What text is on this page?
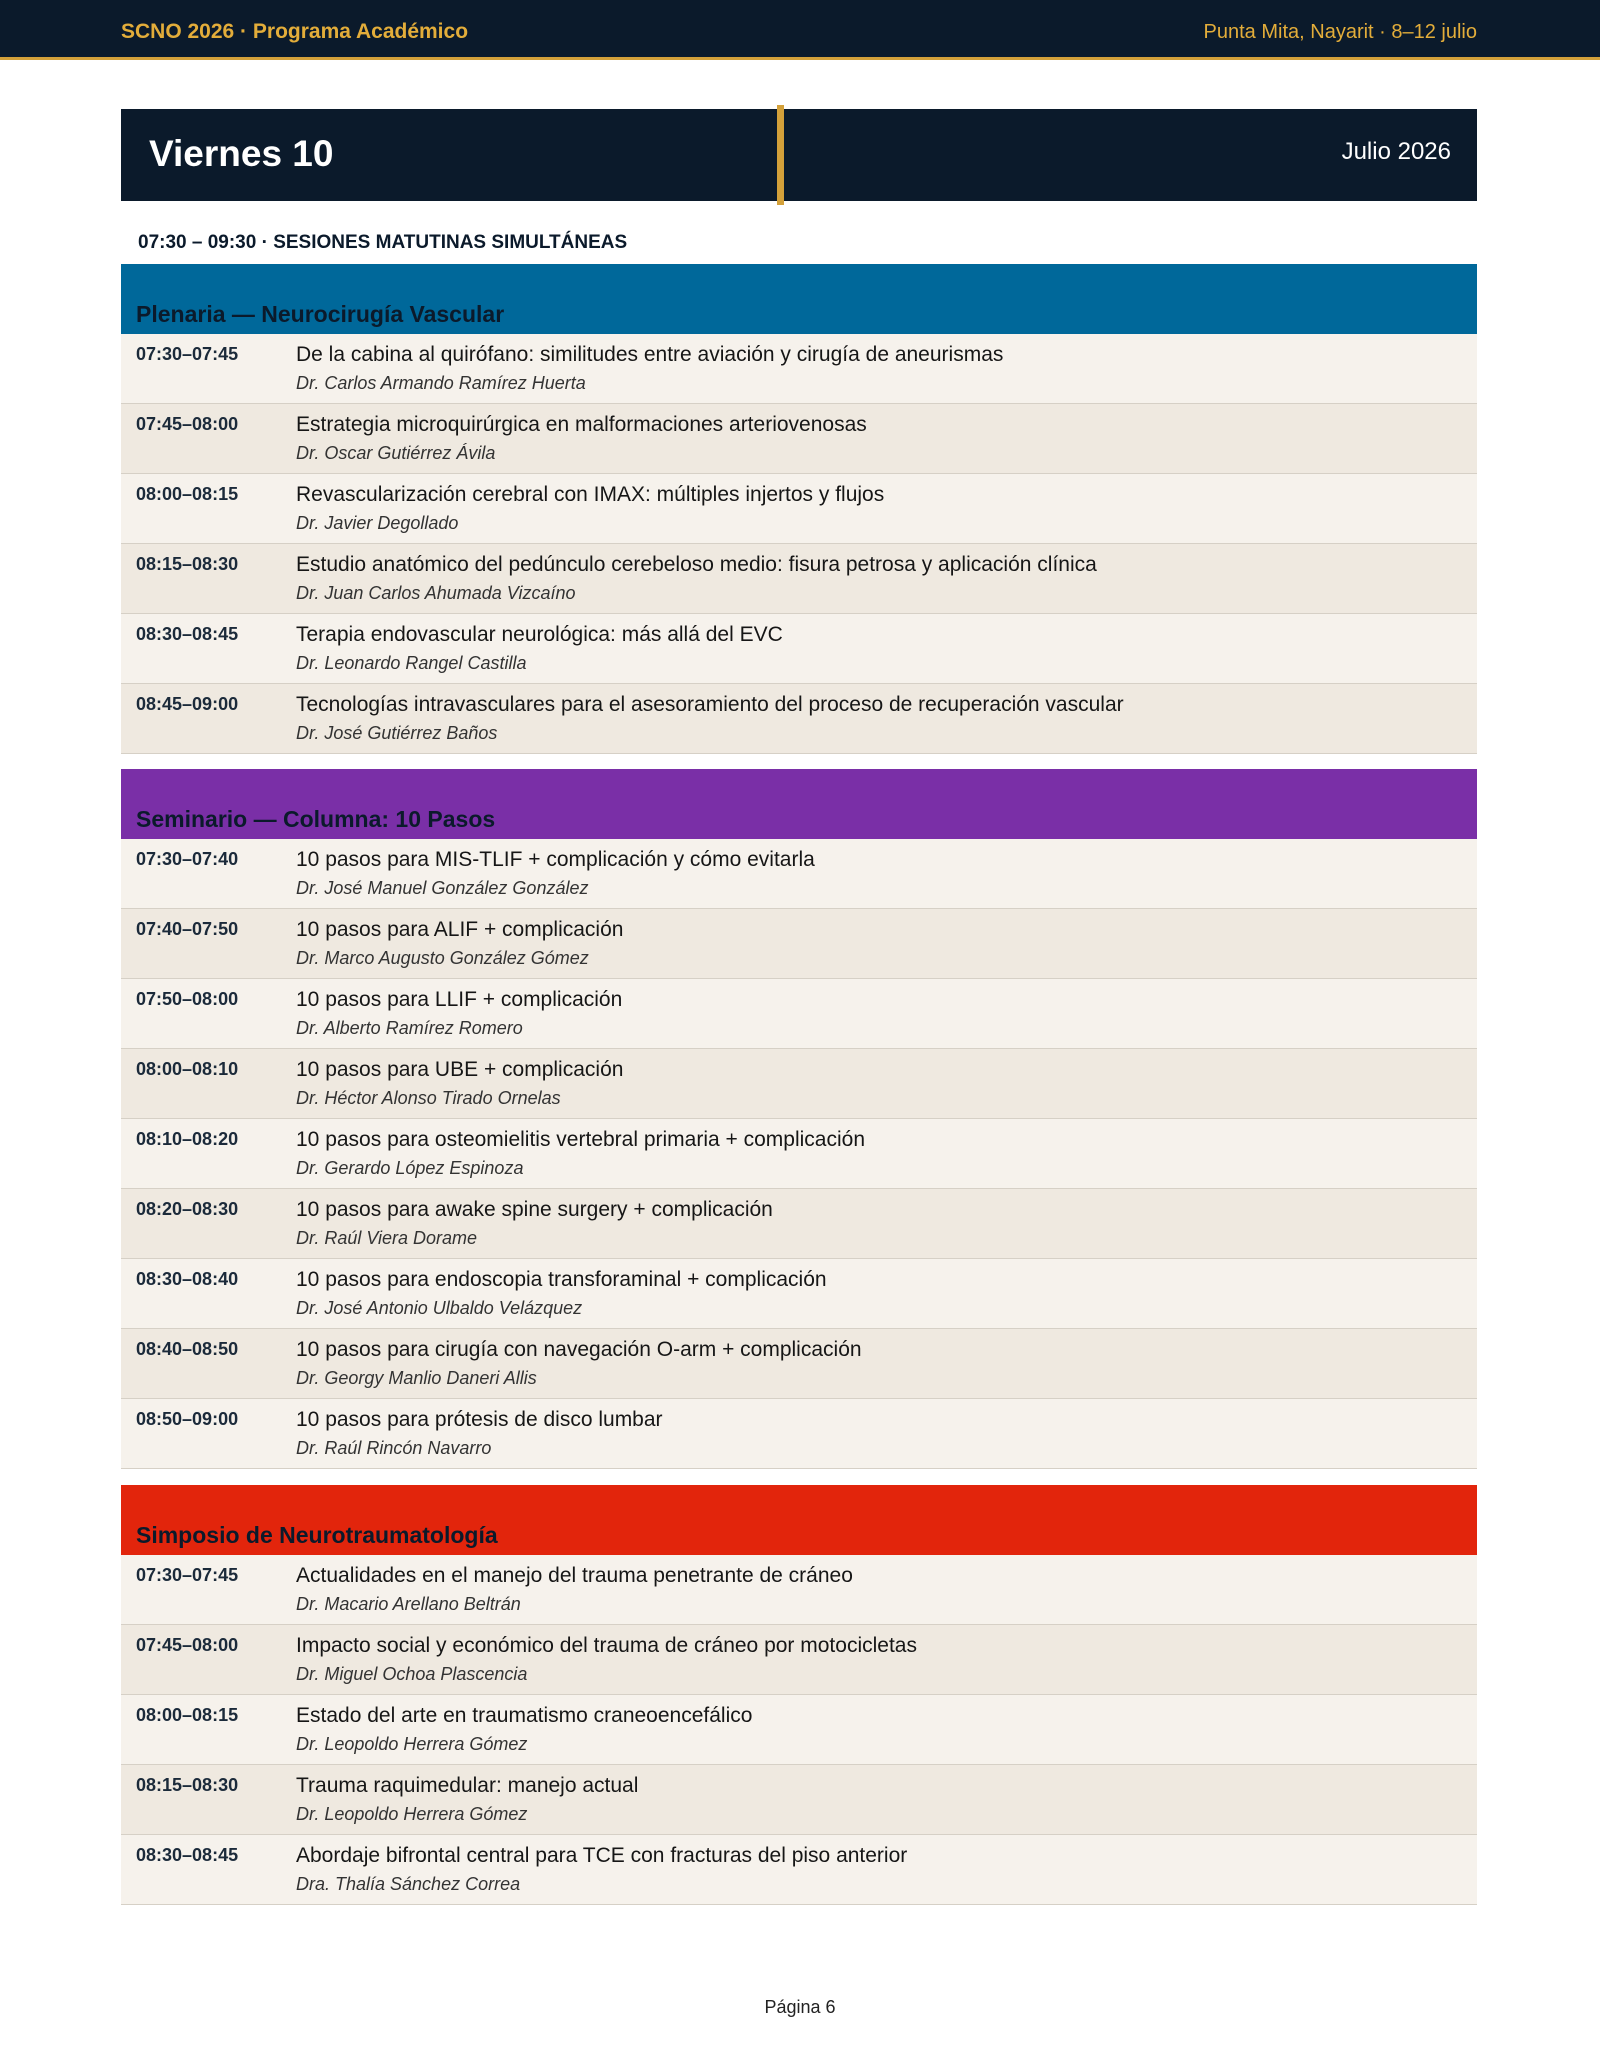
SCNO 2026 · Programa Académico	Punta Mita, Nayarit · 8–12 julio
Viernes 10	Julio 2026
07:30 – 09:30 · SESIONES MATUTINAS SIMULTÁNEAS
Plenaria — Neurocirugía Vascular
07:30–07:45	De la cabina al quirófano: similitudes entre aviación y cirugía de aneurismas
Dr. Carlos Armando Ramírez Huerta
07:45–08:00	Estrategia microquirúrgica en malformaciones arteriovenosas
Dr. Oscar Gutiérrez Ávila
08:00–08:15	Revascularización cerebral con IMAX: múltiples injertos y flujos
Dr. Javier Degollado
08:15–08:30	Estudio anatómico del pedúnculo cerebeloso medio: fisura petrosa y aplicación clínica
Dr. Juan Carlos Ahumada Vizcaíno
08:30–08:45	Terapia endovascular neurológica: más allá del EVC
Dr. Leonardo Rangel Castilla
08:45–09:00	Tecnologías intravasculares para el asesoramiento del proceso de recuperación vascular
Dr. José Gutiérrez Baños
Seminario — Columna: 10 Pasos
07:30–07:40	10 pasos para MIS-TLIF + complicación y cómo evitarla
Dr. José Manuel González González
07:40–07:50	10 pasos para ALIF + complicación
Dr. Marco Augusto González Gómez
07:50–08:00	10 pasos para LLIF + complicación
Dr. Alberto Ramírez Romero
08:00–08:10	10 pasos para UBE + complicación
Dr. Héctor Alonso Tirado Ornelas
08:10–08:20	10 pasos para osteomielitis vertebral primaria + complicación
Dr. Gerardo López Espinoza
08:20–08:30	10 pasos para awake spine surgery + complicación
Dr. Raúl Viera Dorame
08:30–08:40	10 pasos para endoscopia transforaminal + complicación
Dr. José Antonio Ulbaldo Velázquez
08:40–08:50	10 pasos para cirugía con navegación O-arm + complicación
Dr. Georgy Manlio Daneri Allis
08:50–09:00	10 pasos para prótesis de disco lumbar
Dr. Raúl Rincón Navarro
Simposio de Neurotraumatología
07:30–07:45	Actualidades en el manejo del trauma penetrante de cráneo
Dr. Macario Arellano Beltrán
07:45–08:00	Impacto social y económico del trauma de cráneo por motocicletas
Dr. Miguel Ochoa Plascencia
08:00–08:15	Estado del arte en traumatismo craneoencefálico
Dr. Leopoldo Herrera Gómez
08:15–08:30	Trauma raquimedular: manejo actual
Dr. Leopoldo Herrera Gómez
08:30–08:45	Abordaje bifrontal central para TCE con fracturas del piso anterior
Dra. Thalía Sánchez Correa
Página 6
